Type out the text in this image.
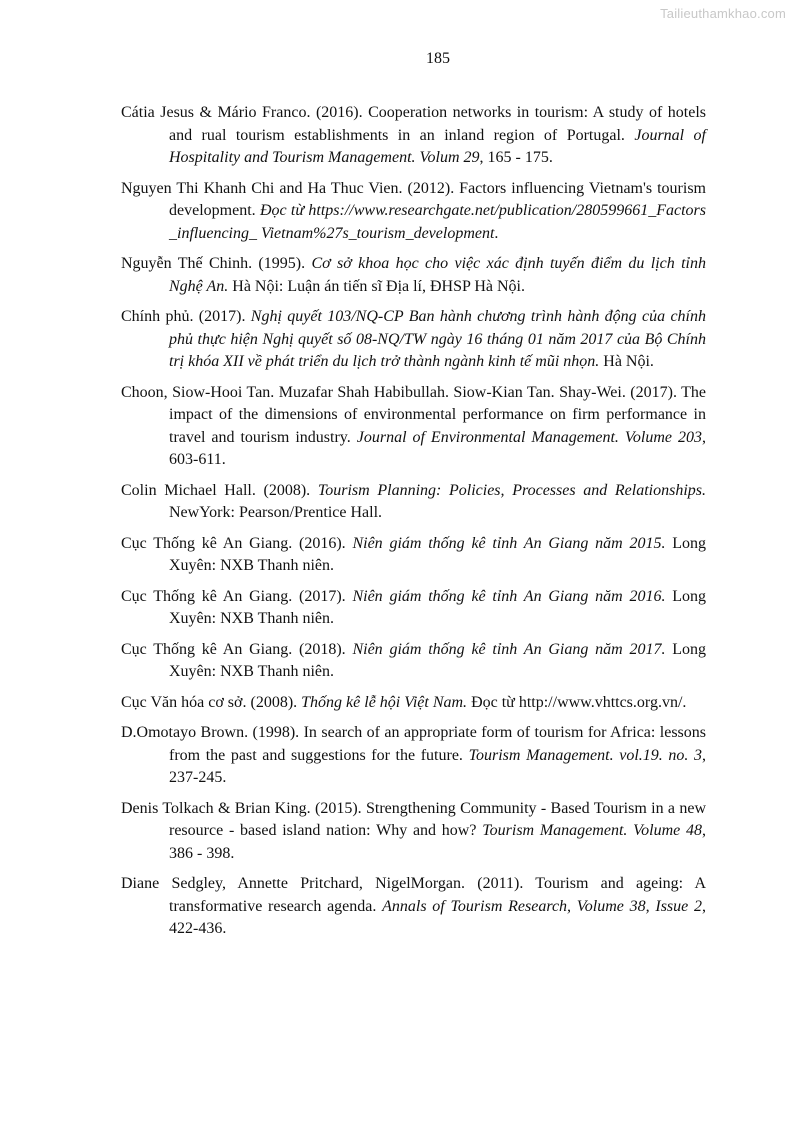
Tailieuthamkhao.com
185

Cátia Jesus & Mário Franco. (2016). Cooperation networks in tourism: A study of hotels and rual tourism establishments in an inland region of Portugal. Journal of Hospitality and Tourism Management. Volum 29, 165 - 175.

Nguyen Thi Khanh Chi and Ha Thuc Vien. (2012). Factors influencing Vietnam's tourism development. Đọc từ https://www.researchgate.net/publication/280599661_Factors_influencing_ Vietnam%27s_tourism_development.

Nguyễn Thế Chinh. (1995). Cơ sở khoa học cho việc xác định tuyến điểm du lịch tỉnh Nghệ An. Hà Nội: Luận án tiến sĩ Địa lí, ĐHSP Hà Nội.

Chính phủ. (2017). Nghị quyết 103/NQ-CP Ban hành chương trình hành động của chính phủ thực hiện Nghị quyết số 08-NQ/TW ngày 16 tháng 01 năm 2017 của Bộ Chính trị khóa XII về phát triển du lịch trở thành ngành kinh tế mũi nhọn. Hà Nội.

Choon, Siow-Hooi Tan. Muzafar Shah Habibullah. Siow-Kian Tan. Shay-Wei. (2017). The impact of the dimensions of environmental performance on firm performance in travel and tourism industry. Journal of Environmental Management. Volume 203, 603-611.

Colin Michael Hall. (2008). Tourism Planning: Policies, Processes and Relationships. NewYork: Pearson/Prentice Hall.

Cục Thống kê An Giang. (2016). Niên giám thống kê tỉnh An Giang năm 2015. Long Xuyên: NXB Thanh niên.

Cục Thống kê An Giang. (2017). Niên giám thống kê tỉnh An Giang năm 2016. Long Xuyên: NXB Thanh niên.

Cục Thống kê An Giang. (2018). Niên giám thống kê tỉnh An Giang năm 2017. Long Xuyên: NXB Thanh niên.

Cục Văn hóa cơ sở. (2008). Thống kê lễ hội Việt Nam. Đọc từ http://www.vhttcs.org.vn/.

D.Omotayo Brown. (1998). In search of an appropriate form of tourism for Africa: lessons from the past and suggestions for the future. Tourism Management. vol.19. no. 3, 237-245.

Denis Tolkach & Brian King. (2015). Strengthening Community - Based Tourism in a new resource - based island nation: Why and how? Tourism Management. Volume 48, 386 - 398.

Diane Sedgley, Annette Pritchard, NigelMorgan. (2011). Tourism and ageing: A transformative research agenda. Annals of Tourism Research, Volume 38, Issue 2, 422-436.
